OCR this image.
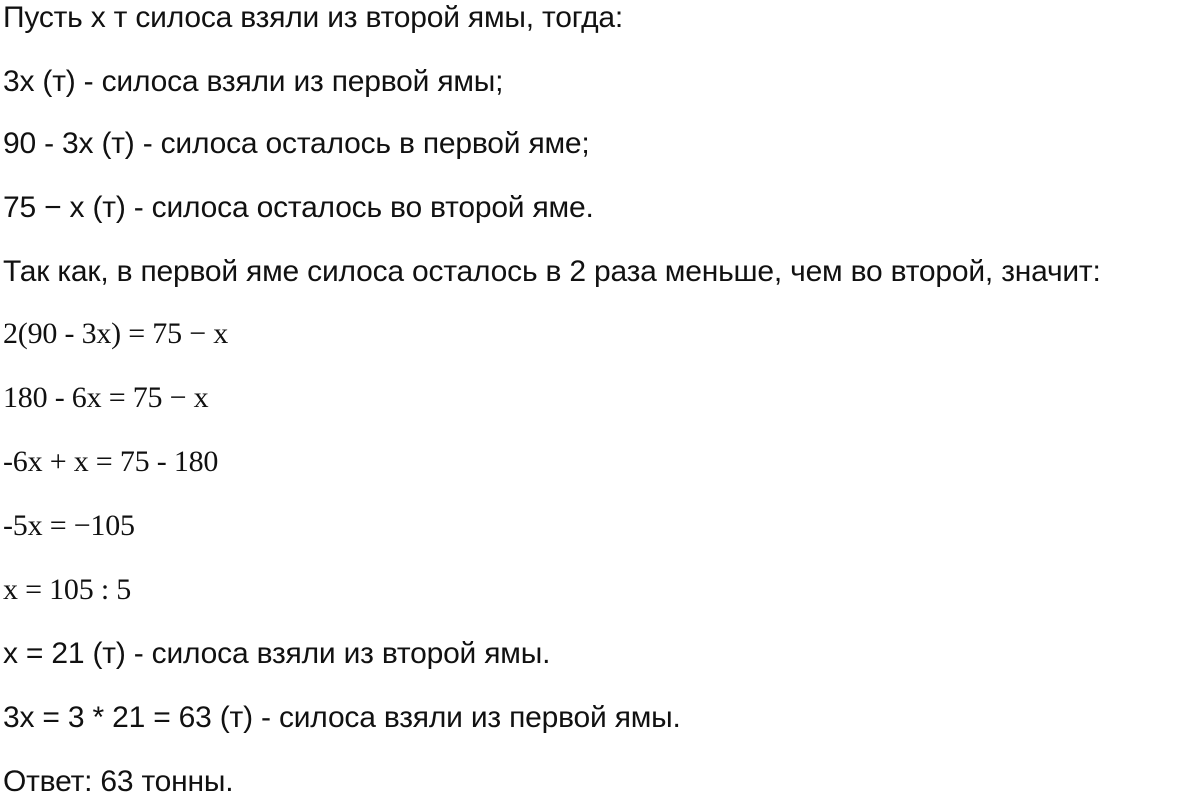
Пусть x т силоса взяли из второй ямы, тогда:
3x (т) - силоса взяли из первой ямы;
90 - 3x (т) - силоса осталось в первой яме;
75 − x (т) - силоса осталось во второй яме.
Так как, в первой яме силоса осталось в 2 раза меньше, чем во второй, значит:
2(90 - 3x) = 75 − x
180 - 6x = 75 − x
-6x + x = 75 - 180
-5x = −105
x = 105 : 5
x = 21 (т) - силоса взяли из второй ямы.
3x = 3 * 21 = 63 (т) - силоса взяли из первой ямы.
Ответ: 63 тонны.
